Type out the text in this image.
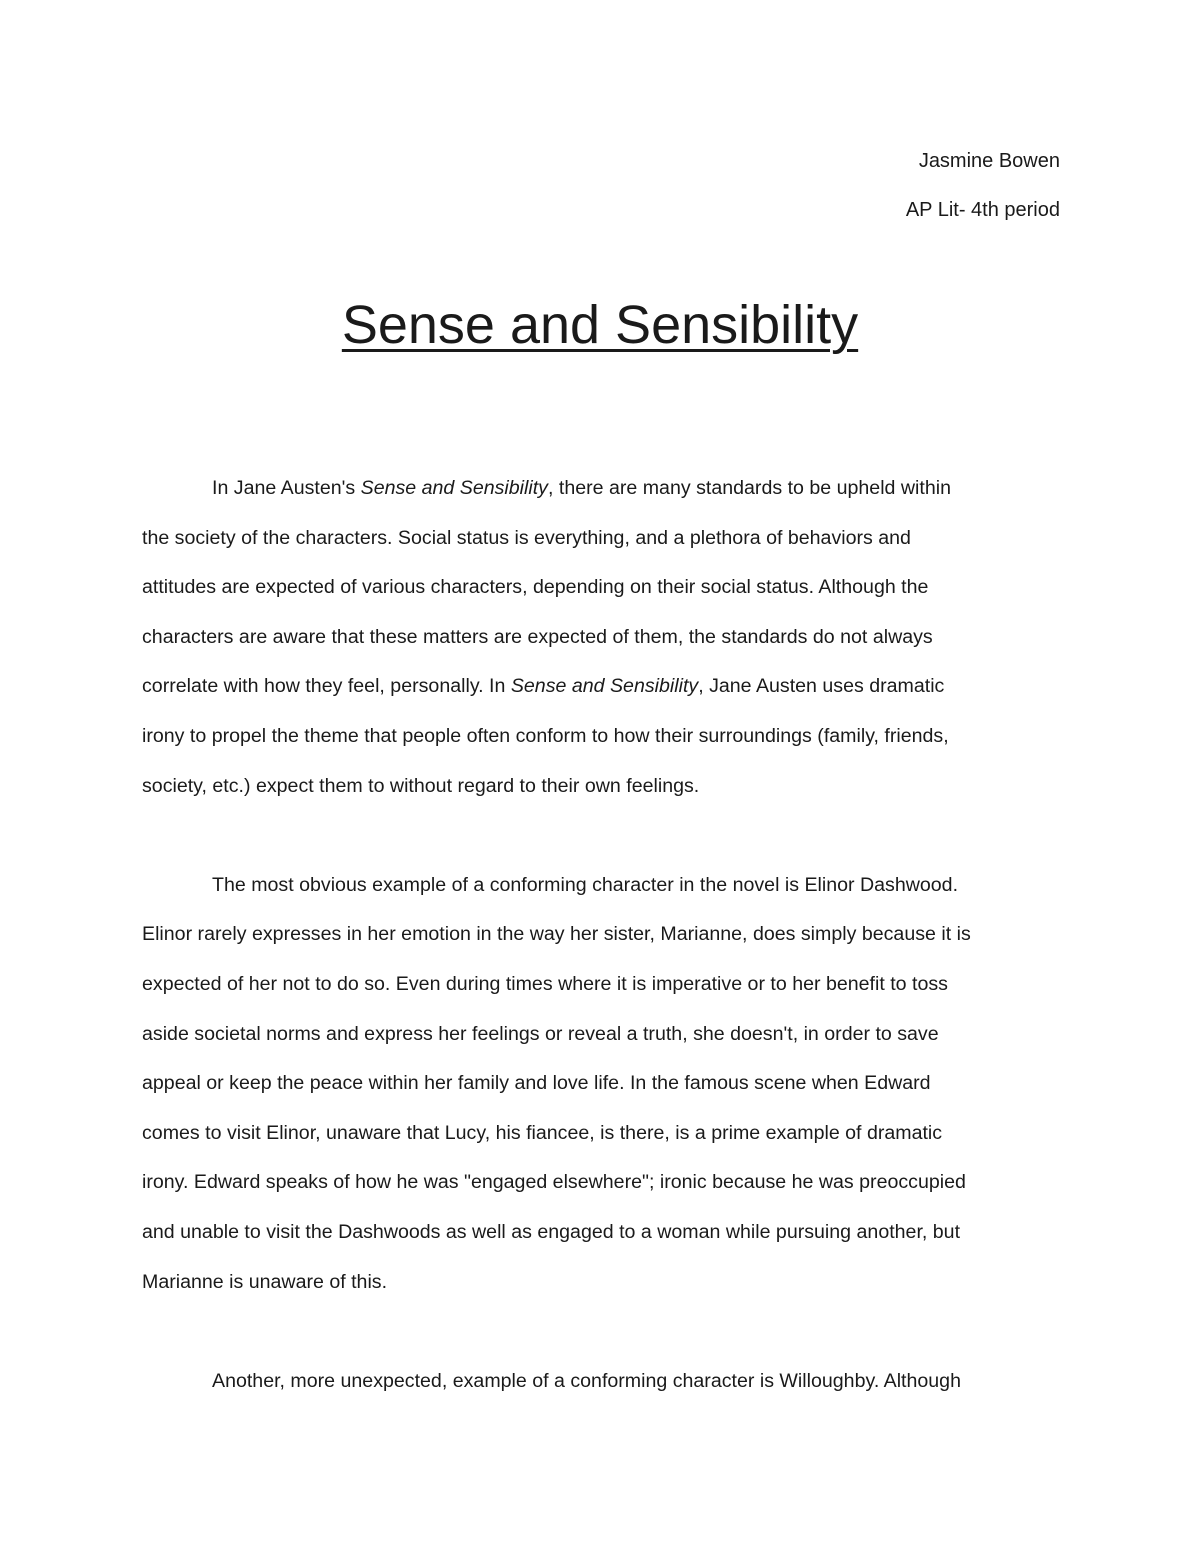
Jasmine Bowen
AP Lit- 4th period
Sense and Sensibility
In Jane Austen's Sense and Sensibility, there are many standards to be upheld within
the society of the characters. Social status is everything, and a plethora of behaviors and
attitudes are expected of various characters, depending on their social status. Although the
characters are aware that these matters are expected of them, the standards do not always
correlate with how they feel, personally. In Sense and Sensibility, Jane Austen uses dramatic
irony to propel the theme that people often conform to how their surroundings (family, friends,
society, etc.) expect them to without regard to their own feelings.
The most obvious example of a conforming character in the novel is Elinor Dashwood.
Elinor rarely expresses in her emotion in the way her sister, Marianne, does simply because it is
expected of her not to do so. Even during times where it is imperative or to her benefit to toss
aside societal norms and express her feelings or reveal a truth, she doesn't, in order to save
appeal or keep the peace within her family and love life. In the famous scene when Edward
comes to visit Elinor, unaware that Lucy, his fiancee, is there, is a prime example of dramatic
irony. Edward speaks of how he was "engaged elsewhere"; ironic because he was preoccupied
and unable to visit the Dashwoods as well as engaged to a woman while pursuing another, but
Marianne is unaware of this.
Another, more unexpected, example of a conforming character is Willoughby. Although
